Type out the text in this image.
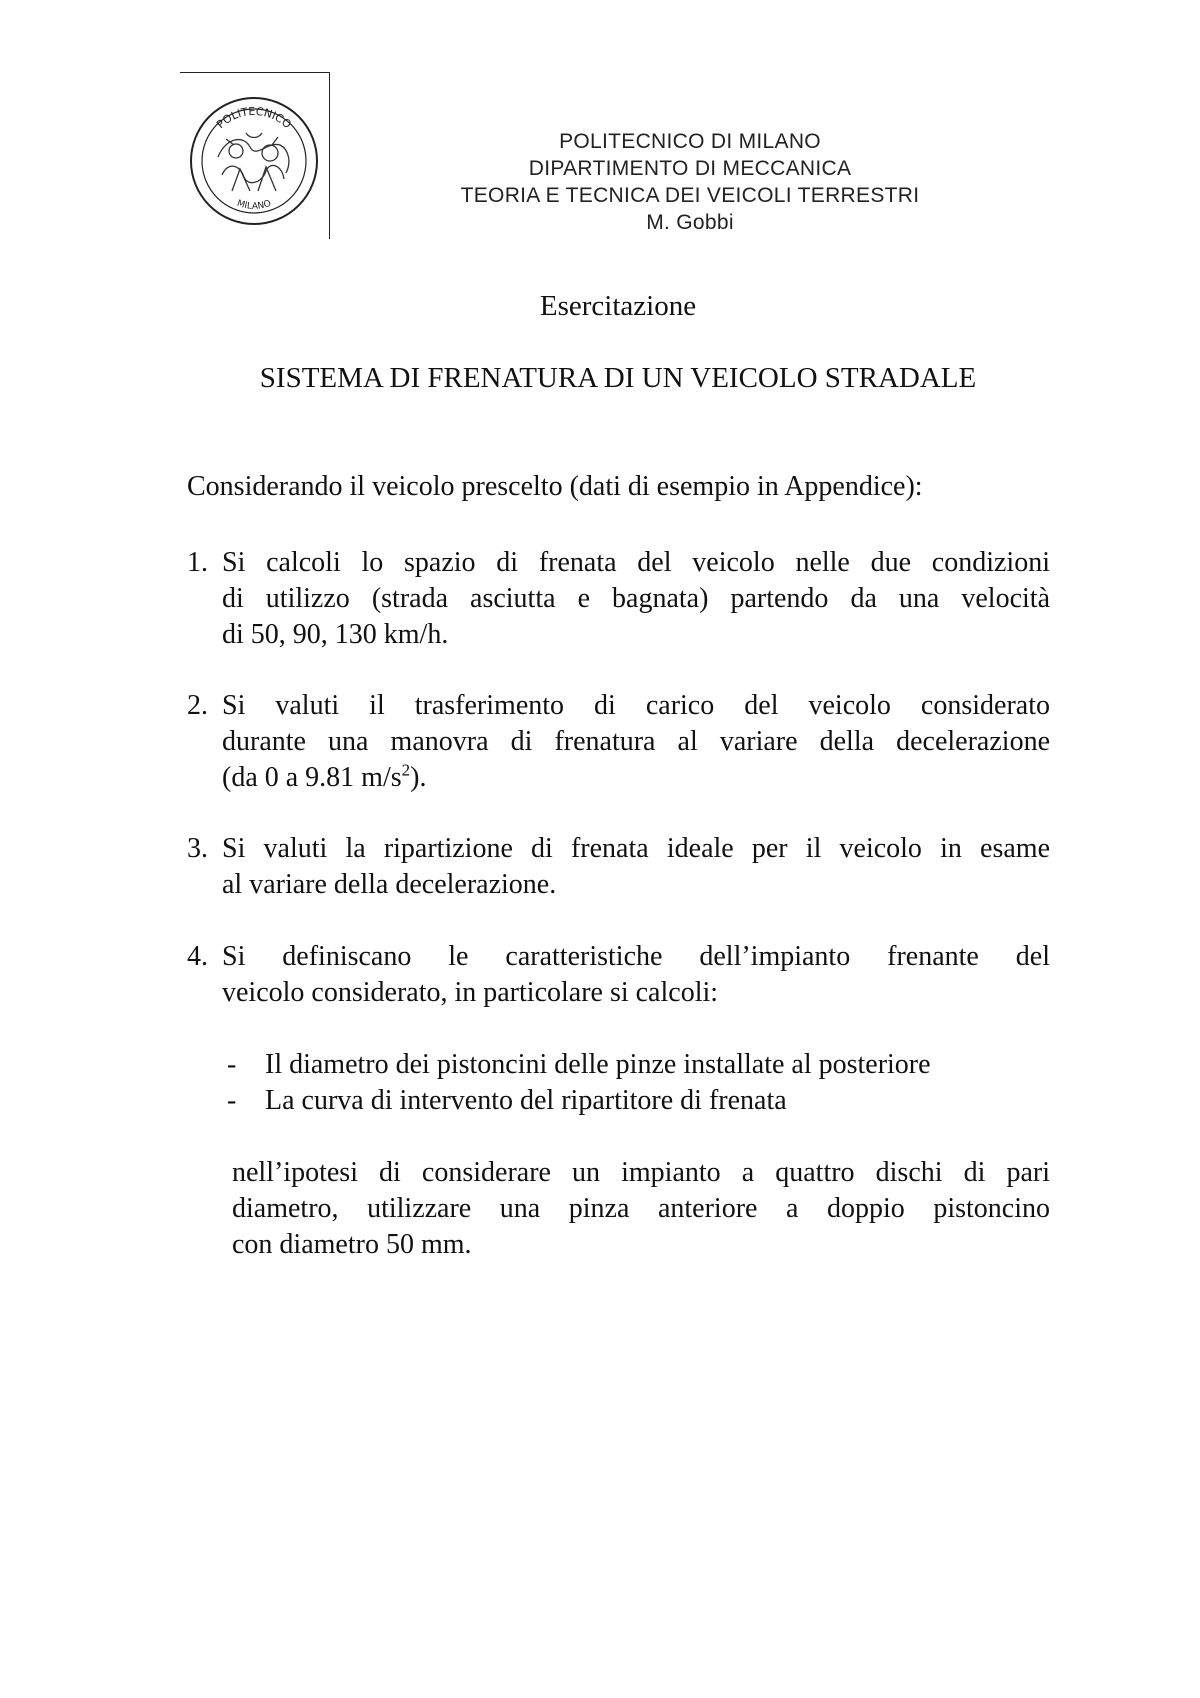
POLITECNICO
MILANO
POLITECNICO DI MILANO
DIPARTIMENTO DI MECCANICA
TEORIA E TECNICA DEI VEICOLI TERRESTRI
M. Gobbi
Esercitazione
SISTEMA DI FRENATURA DI UN VEICOLO STRADALE
Considerando il veicolo prescelto (dati di esempio in Appendice):
1. Si calcoli lo spazio di frenata del veicolo nelle due condizioni
di utilizzo (strada asciutta e bagnata) partendo da una velocità
di 50, 90, 130 km/h.
2. Si valuti il trasferimento di carico del veicolo considerato
durante una manovra di frenatura al variare della decelerazione
(da 0 a 9.81 $m/s^2$).
3. Si valuti la ripartizione di frenata ideale per il veicolo in esame
al variare della decelerazione.
4. Si definiscano le caratteristiche dell’impianto frenante del
veicolo considerato, in particolare si calcoli:
- Il diametro dei pistoncini delle pinze installate al posteriore
- La curva di intervento del ripartitore di frenata
nell’ipotesi di considerare un impianto a quattro dischi di pari
diametro, utilizzare una pinza anteriore a doppio pistoncino
con diametro 50 mm.
